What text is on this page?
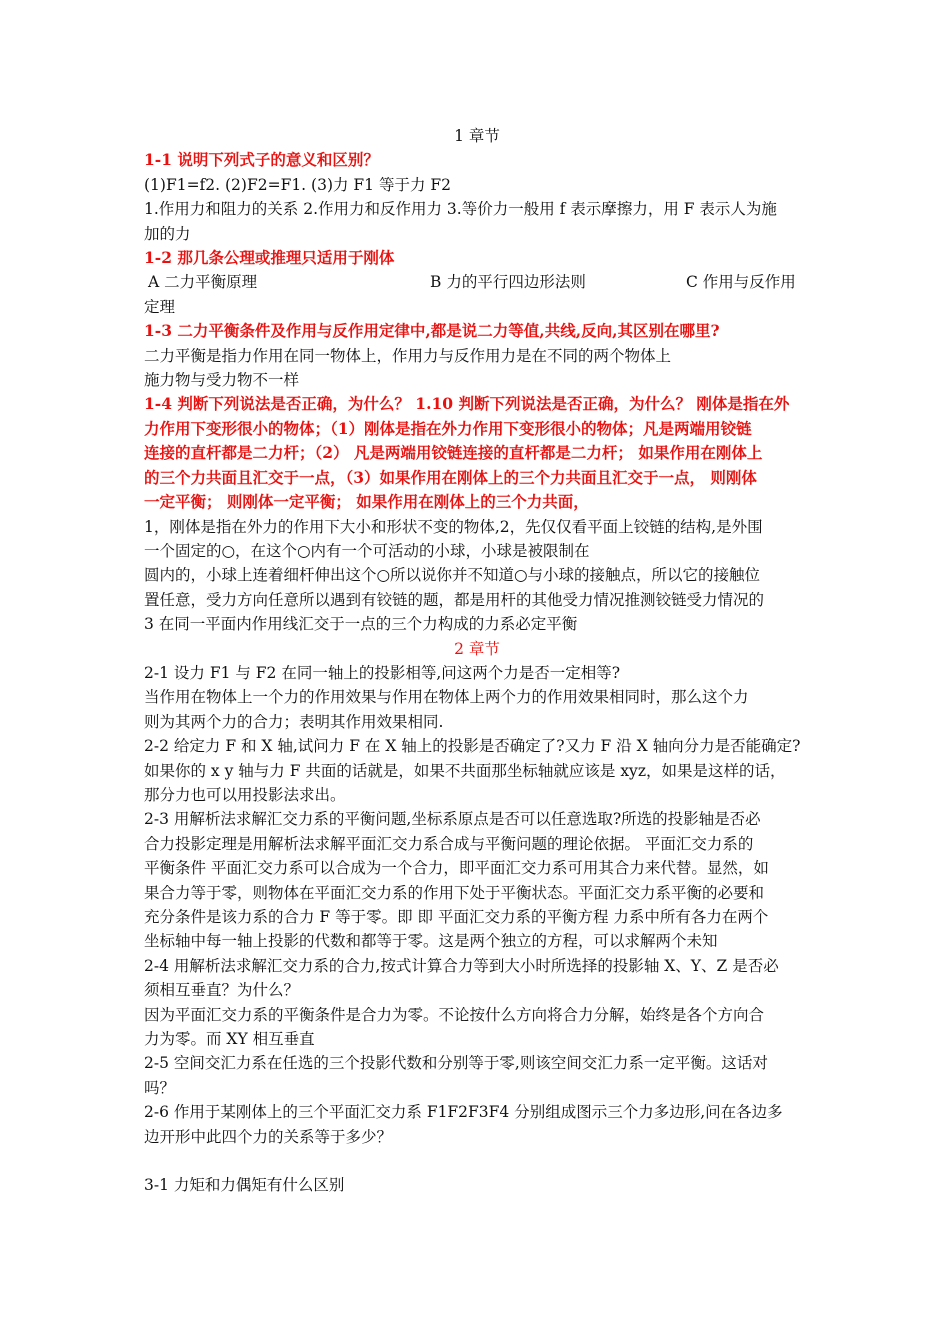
1 章节
1-1 说明下列式子的意义和区别？
(1)F1=f2. (2)F2=F1. (3)力 F1 等于力 F2
1.作用力和阻力的关系 2.作用力和反作用力 3.等价力一般用 f 表示摩擦力，用 F 表示人为施
加的力
1-2 那几条公理或推理只适用于刚体
A 二力平衡原理	B 力的平行四边形法则	C 作用与反作用
定理
1-3 二力平衡条件及作用与反作用定律中,都是说二力等值,共线,反向,其区别在哪里?
二力平衡是指力作用在同一物体上，作用力与反作用力是在不同的两个物体上
施力物与受力物不一样
1-4 判断下列说法是否正确，为什么？ 1.10 判断下列说法是否正确，为什么？ 刚体是指在外
力作用下变形很小的物体；（1）刚体是指在外力作用下变形很小的物体；凡是两端用铰链
连接的直杆都是二力杆；（2） 凡是两端用铰链连接的直杆都是二力杆； 如果作用在刚体上
的三个力共面且汇交于一点，（3）如果作用在刚体上的三个力共面且汇交于一点， 则刚体
一定平衡； 则刚体一定平衡； 如果作用在刚体上的三个力共面，
1，刚体是指在外力的作用下大小和形状不变的物体,2，先仅仅看平面上铰链的结构,是外围
一个固定的○，在这个○内有一个可活动的小球，小球是被限制在
圆内的，小球上连着细杆伸出这个○所以说你并不知道○与小球的接触点，所以它的接触位
置任意，受力方向任意所以遇到有铰链的题，都是用杆的其他受力情况推测铰链受力情况的
3 在同一平面内作用线汇交于一点的三个力构成的力系必定平衡
2 章节
2-1 设力 F1 与 F2 在同一轴上的投影相等,问这两个力是否一定相等?
当作用在物体上一个力的作用效果与作用在物体上两个力的作用效果相同时，那么这个力
则为其两个力的合力；表明其作用效果相同.
2-2 给定力 F 和 X 轴,试问力 F 在 X 轴上的投影是否确定了?又力 F 沿 X 轴向分力是否能确定?
如果你的 x y 轴与力 F 共面的话就是，如果不共面那坐标轴就应该是 xyz，如果是这样的话，
那分力也可以用投影法求出。
2-3 用解析法求解汇交力系的平衡问题,坐标系原点是否可以任意选取?所选的投影轴是否必
合力投影定理是用解析法求解平面汇交力系合成与平衡问题的理论依据。 平面汇交力系的
平衡条件 平面汇交力系可以合成为一个合力，即平面汇交力系可用其合力来代替。显然，如
果合力等于零，则物体在平面汇交力系的作用下处于平衡状态。平面汇交力系平衡的必要和
充分条件是该力系的合力 F 等于零。即 即 平面汇交力系的平衡方程 力系中所有各力在两个
坐标轴中每一轴上投影的代数和都等于零。这是两个独立的方程，可以求解两个未知
2-4 用解析法求解汇交力系的合力,按式计算合力等到大小时所选择的投影轴 X、Y、Z 是否必
须相互垂直？为什么？
因为平面汇交力系的平衡条件是合力为零。不论按什么方向将合力分解，始终是各个方向合
力为零。而 XY 相互垂直
2-5 空间交汇力系在任选的三个投影代数和分别等于零,则该空间交汇力系一定平衡。这话对
吗？
2-6 作用于某刚体上的三个平面汇交力系 F1F2F3F4 分别组成图示三个力多边形,问在各边多
边开形中此四个力的关系等于多少？
3-1 力矩和力偶矩有什么区别
